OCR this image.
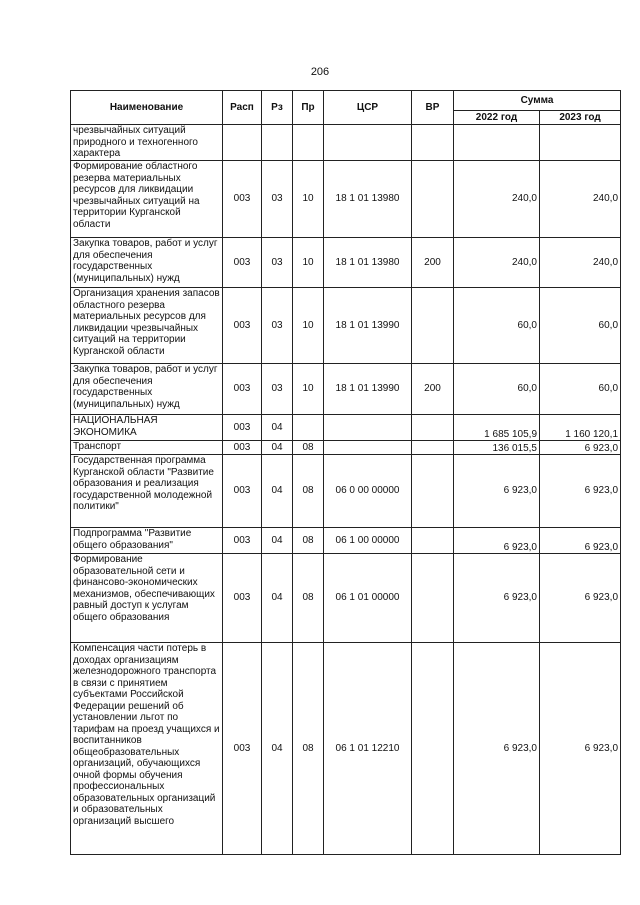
206
Наименование	Расп	Рз	Пр	ЦСР	ВР	Сумма	
						2022 год	2023 год
чрезвычайных ситуаций природного и техногенного характера							
Формирование областного резерва материальных ресурсов для ликвидации чрезвычайных ситуаций на территории Курганской области	003	03	10	18 1 01 13980		240,0	240,0
Закупка товаров, работ и услуг для обеспечения государственных (муниципальных) нужд	003	03	10	18 1 01 13980	200	240,0	240,0
Организация хранения запасов областного резерва материальных ресурсов для ликвидации чрезвычайных ситуаций на территории Курганской области	003	03	10	18 1 01 13990		60,0	60,0
Закупка товаров, работ и услуг для обеспечения государственных (муниципальных) нужд	003	03	10	18 1 01 13990	200	60,0	60,0
НАЦИОНАЛЬНАЯ ЭКОНОМИКА	003	04				1 685 105,9	1 160 120,1
Транспорт	003	04	08			136 015,5	6 923,0
Государственная программа Курганской области "Развитие образования и реализация государственной молодежной политики"	003	04	08	06 0 00 00000		6 923,0	6 923,0
Подпрограмма "Развитие общего образования"	003	04	08	06 1 00 00000		6 923,0	6 923,0
Формирование образовательной сети и финансово-экономических механизмов, обеспечивающих равный доступ к услугам общего образования	003	04	08	06 1 01 00000		6 923,0	6 923,0
Компенсация части потерь в доходах организациям железнодорожного транспорта в связи с принятием субъектами Российской Федерации решений об установлении льгот по тарифам на проезд учащихся и воспитанников общеобразовательных организаций, обучающихся очной формы обучения профессиональных образовательных организаций и образовательных организаций высшего	003	04	08	06 1 01 12210		6 923,0	6 923,0
